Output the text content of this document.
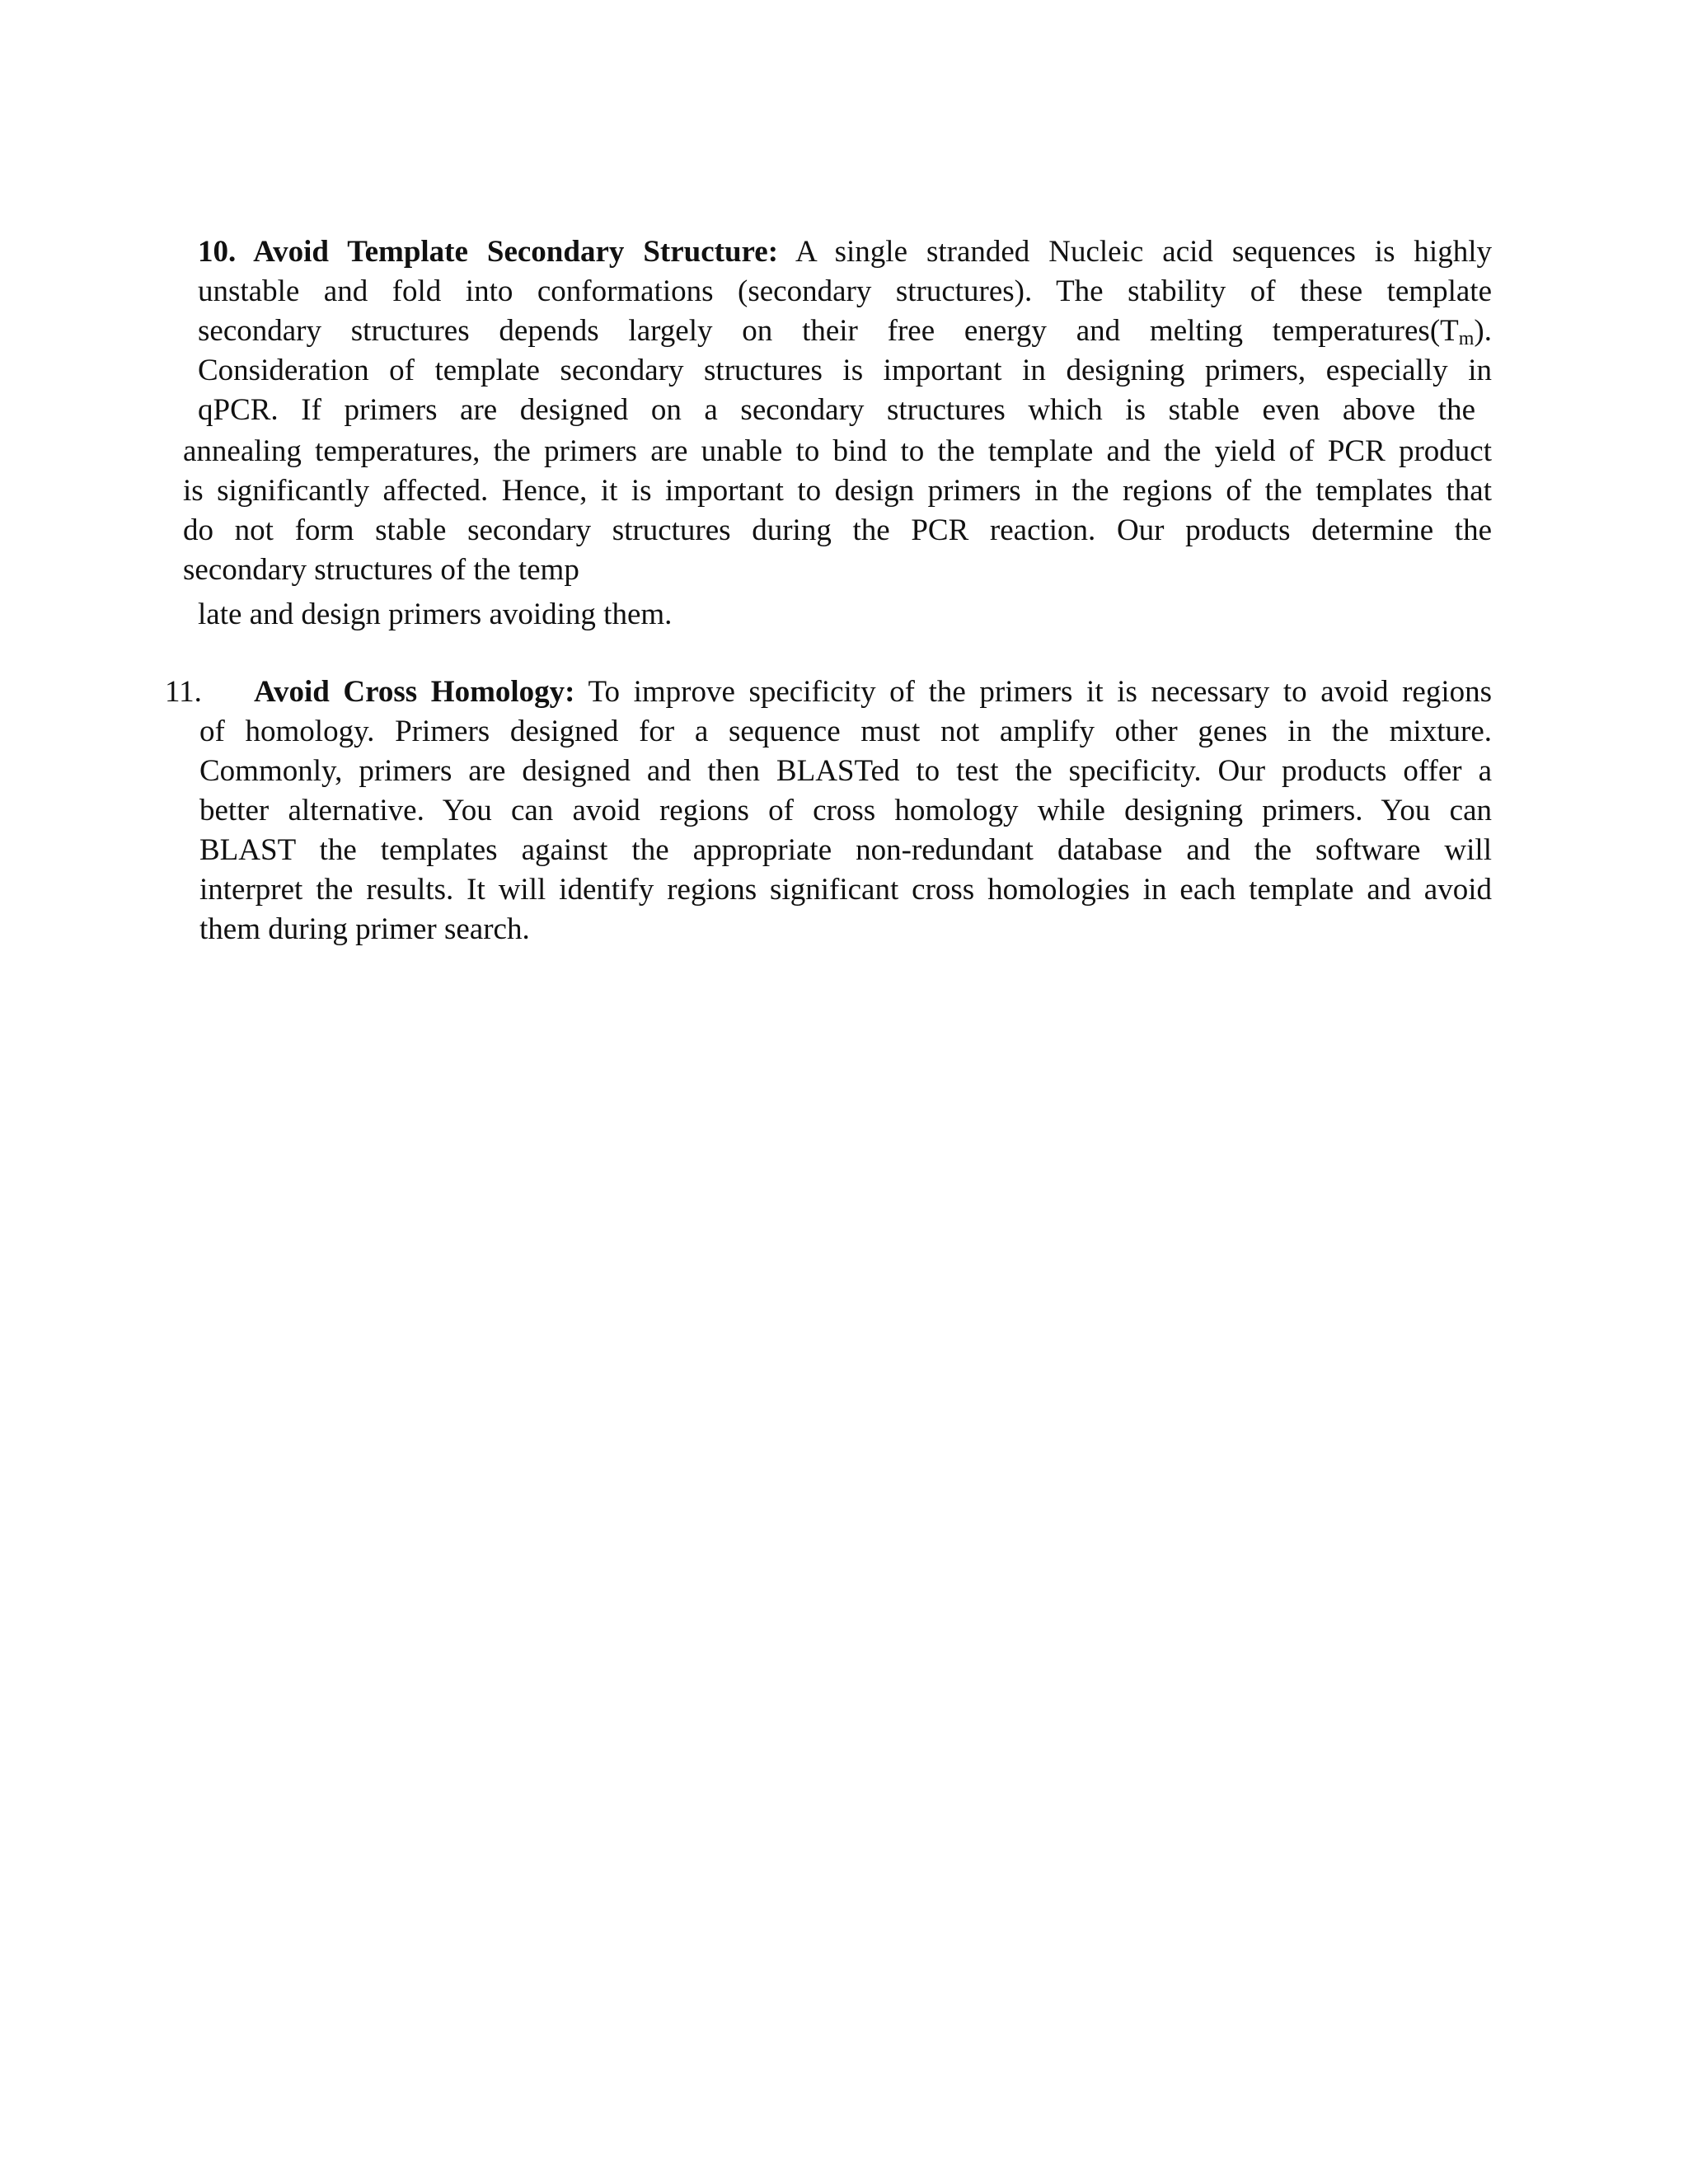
10. Avoid Template Secondary Structure: A single stranded Nucleic acid sequences is highly
unstable and fold into conformations (secondary structures). The stability of these template
secondary structures depends largely on their free energy and melting $temperatures(T_m)$.
Consideration of template secondary structures is important in designing primers, especially in
qPCR. If primers are designed on a secondary structures which is stable even above the
annealing temperatures, the primers are unable to bind to the template and the yield of PCR product
is significantly affected. Hence, it is important to design primers in the regions of the templates that
do not form stable secondary structures during the PCR reaction. Our products determine the
secondary structures of the temp
late and design primers avoiding them.
11. Avoid Cross Homology: To improve specificity of the primers it is necessary to avoid regions
of homology. Primers designed for a sequence must not amplify other genes in the mixture.
Commonly, primers are designed and then BLASTed to test the specificity. Our products offer a
better alternative. You can avoid regions of cross homology while designing primers. You can
BLAST the templates against the appropriate non-redundant database and the software will
interpret the results. It will identify regions significant cross homologies in each template and avoid
them during primer search.
